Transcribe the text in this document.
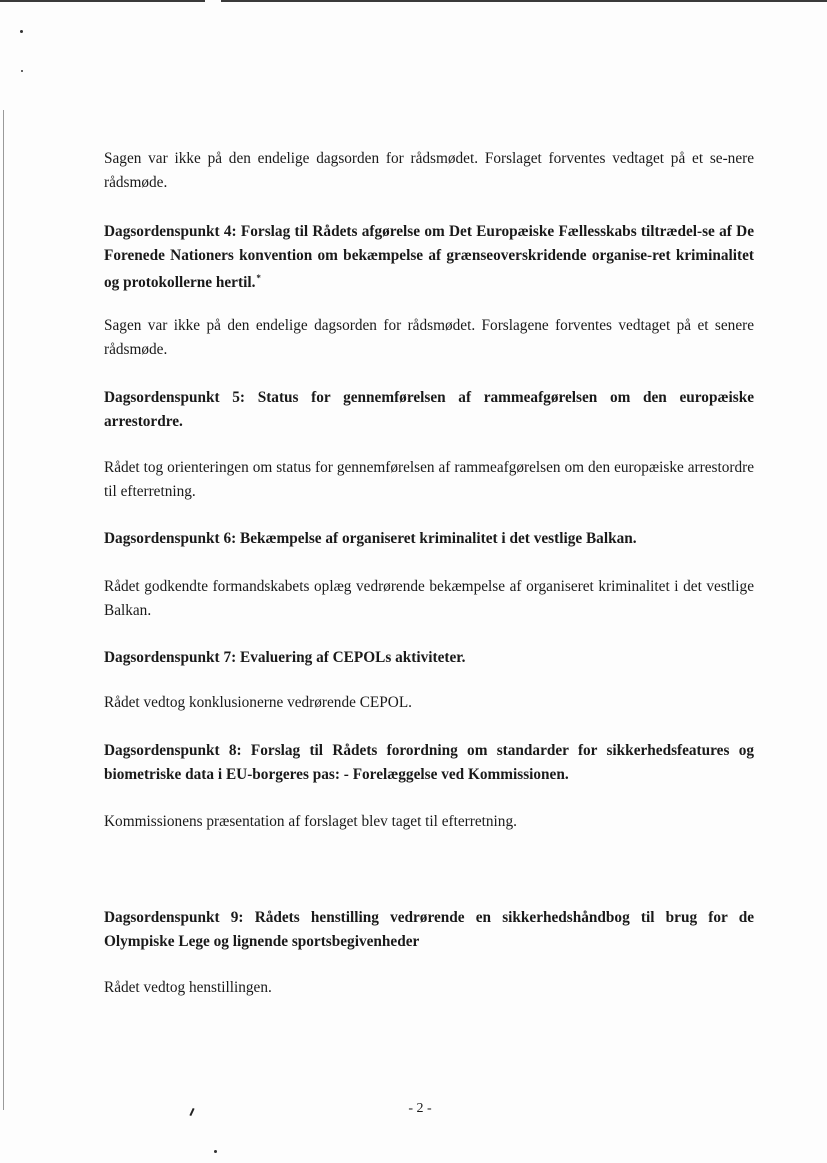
Sagen var ikke på den endelige dagsorden for rådsmødet. Forslaget forventes vedtaget på et se-nere rådsmøde.

Dagsordenspunkt 4: Forslag til Rådets afgørelse om Det Europæiske Fællesskabs tiltrædel-se af De Forenede Nationers konvention om bekæmpelse af grænseoverskridende organise-ret kriminalitet og protokollerne hertil.*

Sagen var ikke på den endelige dagsorden for rådsmødet. Forslagene forventes vedtaget på et senere rådsmøde.

Dagsordenspunkt 5: Status for gennemførelsen af rammeafgørelsen om den europæiske arrestordre.

Rådet tog orienteringen om status for gennemførelsen af rammeafgørelsen om den europæiske arrestordre til efterretning.

Dagsordenspunkt 6: Bekæmpelse af organiseret kriminalitet i det vestlige Balkan.

Rådet godkendte formandskabets oplæg vedrørende bekæmpelse af organiseret kriminalitet i det vestlige Balkan.

Dagsordenspunkt 7: Evaluering af CEPOLs aktiviteter.

Rådet vedtog konklusionerne vedrørende CEPOL.

Dagsordenspunkt 8: Forslag til Rådets forordning om standarder for sikkerhedsfeatures og biometriske data i EU-borgeres pas: - Forelæggelse ved Kommissionen.

Kommissionens præsentation af forslaget blev taget til efterretning.

Dagsordenspunkt 9: Rådets henstilling vedrørende en sikkerhedshåndbog til brug for de Olympiske Lege og lignende sportsbegivenheder

Rådet vedtog henstillingen.

- 2 -
